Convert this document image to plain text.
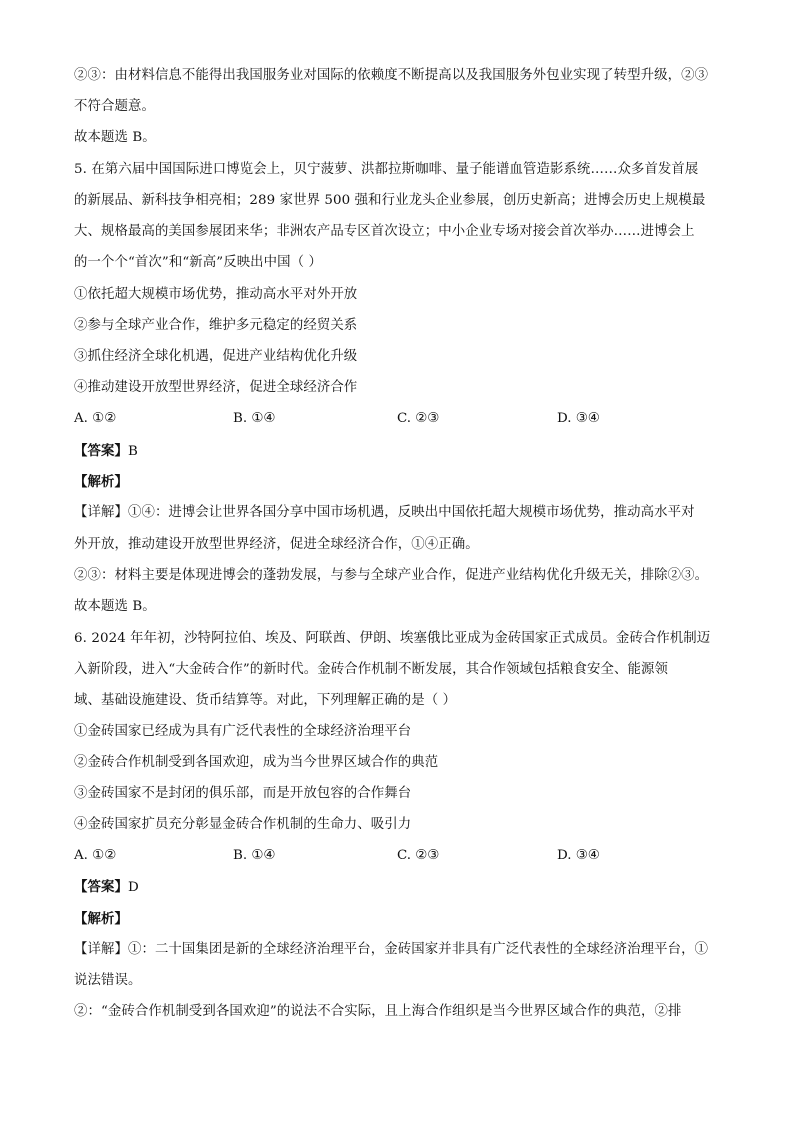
②③：由材料信息不能得出我国服务业对国际的依赖度不断提高以及我国服务外包业实现了转型升级，②③
不符合题意。
故本题选 B。
5. 在第六届中国国际进口博览会上，贝宁菠萝、洪都拉斯咖啡、量子能谱血管造影系统……众多首发首展
的新展品、新科技争相亮相；289 家世界 500 强和行业龙头企业参展，创历史新高；进博会历史上规模最
大、规格最高的美国参展团来华；非洲农产品专区首次设立；中小企业专场对接会首次举办……进博会上
的一个个“首次”和“新高”反映出中国（ ）
①依托超大规模市场优势，推动高水平对外开放
②参与全球产业合作，维护多元稳定的经贸关系
③抓住经济全球化机遇，促进产业结构优化升级
④推动建设开放型世界经济，促进全球经济合作
A. ①②	B. ①④	C. ②③	D. ③④
【答案】B
【解析】
【详解】①④：进博会让世界各国分享中国市场机遇，反映出中国依托超大规模市场优势，推动高水平对
外开放，推动建设开放型世界经济，促进全球经济合作，①④正确。
②③：材料主要是体现进博会的蓬勃发展，与参与全球产业合作，促进产业结构优化升级无关，排除②③。
故本题选 B。
6. 2024 年年初，沙特阿拉伯、埃及、阿联酋、伊朗、埃塞俄比亚成为金砖国家正式成员。金砖合作机制迈
入新阶段，进入“大金砖合作”的新时代。金砖合作机制不断发展，其合作领域包括粮食安全、能源领
域、基础设施建设、货币结算等。对此，下列理解正确的是（ ）
①金砖国家已经成为具有广泛代表性的全球经济治理平台
②金砖合作机制受到各国欢迎，成为当今世界区域合作的典范
③金砖国家不是封闭的俱乐部，而是开放包容的合作舞台
④金砖国家扩员充分彰显金砖合作机制的生命力、吸引力
A. ①②	B. ①④	C. ②③	D. ③④
【答案】D
【解析】
【详解】①：二十国集团是新的全球经济治理平台，金砖国家并非具有广泛代表性的全球经济治理平台，①
说法错误。
②：“金砖合作机制受到各国欢迎”的说法不合实际，且上海合作组织是当今世界区域合作的典范，②排
